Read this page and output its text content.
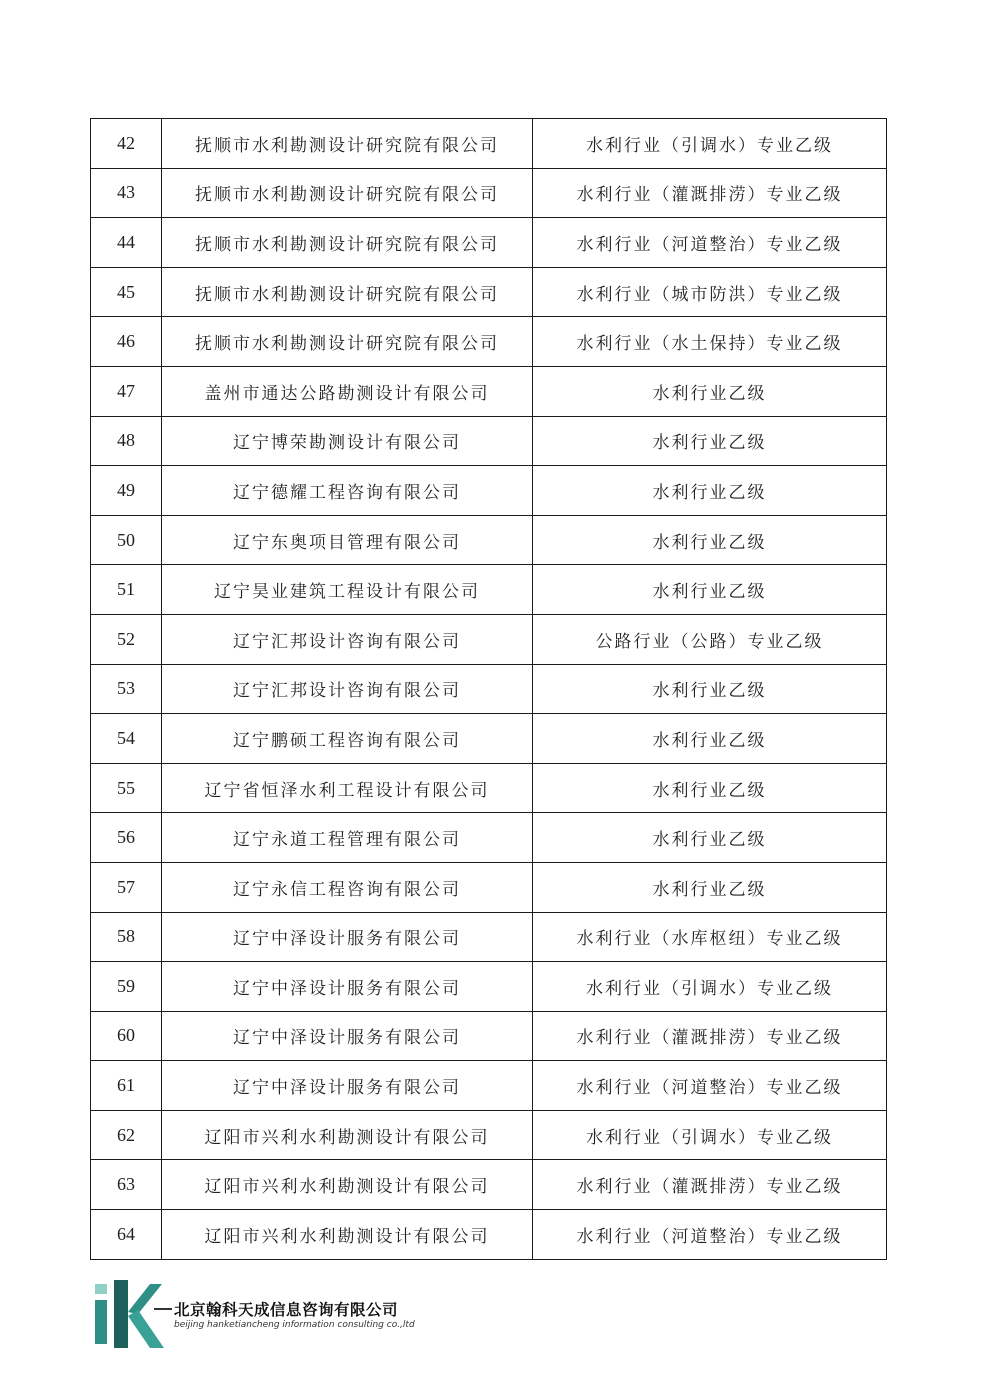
42	抚顺市水利勘测设计研究院有限公司	水利行业（引调水）专业乙级
43	抚顺市水利勘测设计研究院有限公司	水利行业（灌溉排涝）专业乙级
44	抚顺市水利勘测设计研究院有限公司	水利行业（河道整治）专业乙级
45	抚顺市水利勘测设计研究院有限公司	水利行业（城市防洪）专业乙级
46	抚顺市水利勘测设计研究院有限公司	水利行业（水土保持）专业乙级
47	盖州市通达公路勘测设计有限公司	水利行业乙级
48	辽宁博荣勘测设计有限公司	水利行业乙级
49	辽宁德耀工程咨询有限公司	水利行业乙级
50	辽宁东奥项目管理有限公司	水利行业乙级
51	辽宁昊业建筑工程设计有限公司	水利行业乙级
52	辽宁汇邦设计咨询有限公司	公路行业（公路）专业乙级
53	辽宁汇邦设计咨询有限公司	水利行业乙级
54	辽宁鹏硕工程咨询有限公司	水利行业乙级
55	辽宁省恒泽水利工程设计有限公司	水利行业乙级
56	辽宁永道工程管理有限公司	水利行业乙级
57	辽宁永信工程咨询有限公司	水利行业乙级
58	辽宁中泽设计服务有限公司	水利行业（水库枢纽）专业乙级
59	辽宁中泽设计服务有限公司	水利行业（引调水）专业乙级
60	辽宁中泽设计服务有限公司	水利行业（灌溉排涝）专业乙级
61	辽宁中泽设计服务有限公司	水利行业（河道整治）专业乙级
62	辽阳市兴利水利勘测设计有限公司	水利行业（引调水）专业乙级
63	辽阳市兴利水利勘测设计有限公司	水利行业（灌溉排涝）专业乙级
64	辽阳市兴利水利勘测设计有限公司	水利行业（河道整治）专业乙级
北京翰科天成信息咨询有限公司
beijing hanketiancheng information consulting co.,ltd
